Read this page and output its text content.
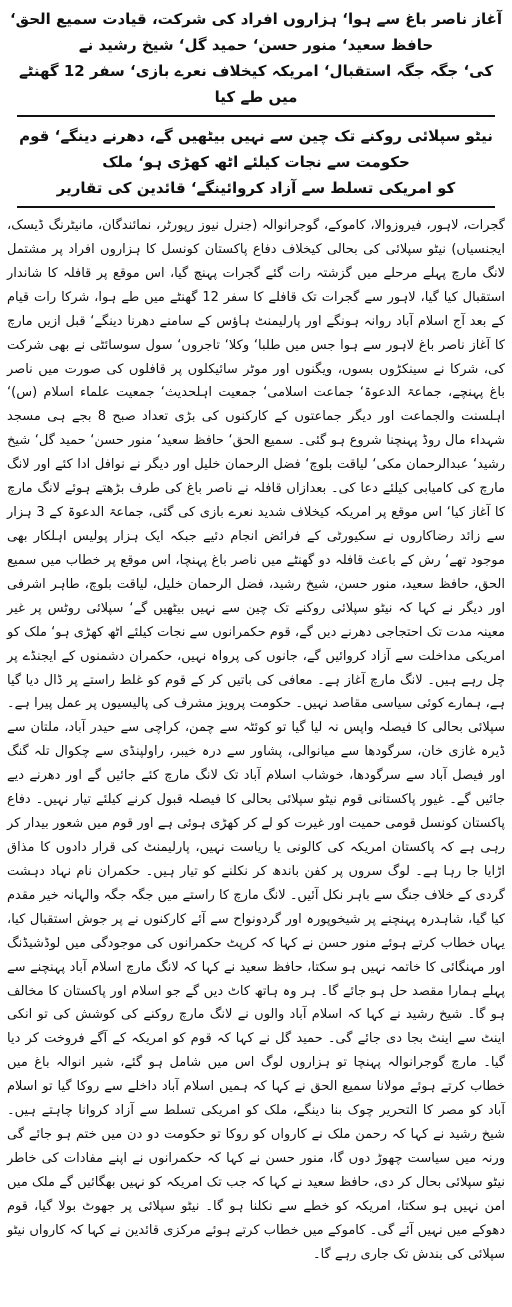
آغاز ناصر باغ سے ہوا‘ ہزاروں افراد کی شرکت، قیادت سمیع الحق‘ حافظ سعید‘ منور حسن‘ حمید گل‘ شیخ رشید نے
کی‘ جگہ جگہ استقبال‘ امریکہ کیخلاف نعرے بازی‘ سفر 12 گھنٹے میں طے کیا
نیٹو سپلائی روکنے تک چین سے نہیں بیٹھیں گے، دھرنے دینگے‘ قوم حکومت سے نجات کیلئے اٹھ کھڑی ہو‘ ملک
کو امریکی تسلط سے آزاد کروائینگے‘ قائدین کی تقاریر

گجرات، لاہور، فیروزوالا، کاموکے، گوجرانوالہ (جنرل نیوز رپورٹر، نمائندگان، مانیٹرنگ ڈیسک، ایجنسیاں) نیٹو سپلائی کی بحالی کیخلاف دفاع پاکستان کونسل کا ہزاروں افراد پر مشتمل لانگ مارچ پہلے مرحلے میں گزشتہ رات گئے گجرات پہنچ گیا، اس موقع پر قافلہ کا شاندار استقبال کیا گیا، لاہور سے گجرات تک قافلے کا سفر 12 گھنٹے میں طے ہوا، شرکا رات قیام کے بعد آج اسلام آباد روانہ ہونگے اور پارلیمنٹ ہاؤس کے سامنے دھرنا دینگے‘ قبل ازیں مارچ کا آغاز ناصر باغ لاہور سے ہوا جس میں طلبا‘ وکلا‘ تاجروں‘ سول سوسائٹی نے بھی شرکت کی، شرکا نے سینکڑوں بسوں، ویگنوں اور موٹر سائیکلوں پر قافلوں کی صورت میں ناصر باغ پہنچے، جماعۃ الدعوۃ‘ جماعت اسلامی‘ جمعیت اہلحدیث‘ جمعیت علماء اسلام (س)‘ اہلسنت والجماعت اور دیگر جماعتوں کے کارکنوں کی بڑی تعداد صبح 8 بجے ہی مسجد شہداء مال روڈ پہنچنا شروع ہو گئی۔ سمیع الحق‘ حافظ سعید‘ منور حسن‘ حمید گل‘ شیخ رشید‘ عبدالرحمان مکی‘ لیاقت بلوچ‘ فضل الرحمان خلیل اور دیگر نے نوافل ادا کئے اور لانگ مارچ کی کامیابی کیلئے دعا کی۔ بعدازاں قافلہ نے ناصر باغ کی طرف بڑھتے ہوئے لانگ مارچ کا آغاز کیا‘ اس موقع پر امریکہ کیخلاف شدید نعرے بازی کی گئی، جماعۃ الدعوۃ کے 3 ہزار سے زائد رضاکاروں نے سکیورٹی کے فرائض انجام دئیے جبکہ ایک ہزار پولیس اہلکار بھی موجود تھے‘ رش کے باعث قافلہ دو گھنٹے میں ناصر باغ پہنچا، اس موقع پر خطاب میں سمیع الحق، حافظ سعید، منور حسن، شیخ رشید، فضل الرحمان خلیل، لیاقت بلوچ، طاہر اشرفی اور دیگر نے کہا کہ نیٹو سپلائی روکنے تک چین سے نہیں بیٹھیں گے‘ سپلائی روٹس پر غیر معینہ مدت تک احتجاجی دھرنے دیں گے، قوم حکمرانوں سے نجات کیلئے اٹھ کھڑی ہو‘ ملک کو امریکی مداخلت سے آزاد کروائیں گے، جانوں کی پرواہ نہیں، حکمران دشمنوں کے ایجنڈے پر چل رہے ہیں۔ لانگ مارچ آغاز ہے۔ معافی کی باتیں کر کے قوم کو غلط راستے پر ڈال دیا گیا ہے، ہمارے کوئی سیاسی مقاصد نہیں۔ حکومت پرویز مشرف کی پالیسیوں پر عمل پیرا ہے۔ سپلائی بحالی کا فیصلہ واپس نہ لیا گیا تو کوئٹہ سے چمن، کراچی سے حیدر آباد، ملتان سے ڈیرہ غازی خان، سرگودھا سے میانوالی، پشاور سے درہ خیبر، راولپنڈی سے چکوال تلہ گنگ اور فیصل آباد سے سرگودھا، خوشاب اسلام آباد تک لانگ مارچ کئے جائیں گے اور دھرنے دیے جائیں گے۔ غیور پاکستانی قوم نیٹو سپلائی بحالی کا فیصلہ قبول کرنے کیلئے تیار نہیں۔ دفاع پاکستان کونسل قومی حمیت اور غیرت کو لے کر کھڑی ہوئی ہے اور قوم میں شعور بیدار کر رہی ہے کہ پاکستان امریکہ کی کالونی یا ریاست نہیں، پارلیمنٹ کی قرار دادوں کا مذاق اڑایا جا رہا ہے۔ لوگ سروں پر کفن باندھ کر نکلنے کو تیار ہیں۔ حکمران نام نہاد دہشت گردی کے خلاف جنگ سے باہر نکل آئیں۔ لانگ مارچ کا راستے میں جگہ جگہ والہانہ خیر مقدم کیا گیا، شاہدرہ پہنچنے پر شیخوپورہ اور گردونواح سے آئے کارکنوں نے پر جوش استقبال کیا، یہاں خطاب کرتے ہوئے منور حسن نے کہا کہ کرپٹ حکمرانوں کی موجودگی میں لوڈشیڈنگ اور مہنگائی کا خاتمہ نہیں ہو سکتا، حافظ سعید نے کہا کہ لانگ مارچ اسلام آباد پہنچنے سے پہلے ہمارا مقصد حل ہو جائے گا۔ ہر وہ ہاتھ کاٹ دیں گے جو اسلام اور پاکستان کا مخالف ہو گا۔ شیخ رشید نے کہا کہ اسلام آباد والوں نے لانگ مارچ روکنے کی کوشش کی تو انکی اینٹ سے اینٹ بجا دی جائے گی۔ حمید گل نے کہا کہ قوم کو امریکہ کے آگے فروخت کر دیا گیا۔ مارچ گوجرانوالہ پہنچا تو ہزاروں لوگ اس میں شامل ہو گئے، شیر انوالہ باغ میں خطاب کرتے ہوئے مولانا سمیع الحق نے کہا کہ ہمیں اسلام آباد داخلے سے روکا گیا تو اسلام آباد کو مصر کا التحریر چوک بنا دینگے، ملک کو امریکی تسلط سے آزاد کروانا چاہتے ہیں۔ شیخ رشید نے کہا کہ رحمن ملک نے کارواں کو روکا تو حکومت دو دن میں ختم ہو جائے گی ورنہ میں سیاست چھوڑ دوں گا، منور حسن نے کہا کہ حکمرانوں نے اپنے مفادات کی خاطر نیٹو سپلائی بحال کر دی، حافظ سعید نے کہا کہ جب تک امریکہ کو نہیں بھگائیں گے ملک میں امن نہیں ہو سکتا، امریکہ کو خطے سے نکلنا ہو گا۔ نیٹو سپلائی پر جھوٹ بولا گیا، قوم دھوکے میں نہیں آئے گی۔ کاموکے میں خطاب کرتے ہوئے مرکزی قائدین نے کہا کہ کارواں نیٹو سپلائی کی بندش تک جاری رہے گا۔
